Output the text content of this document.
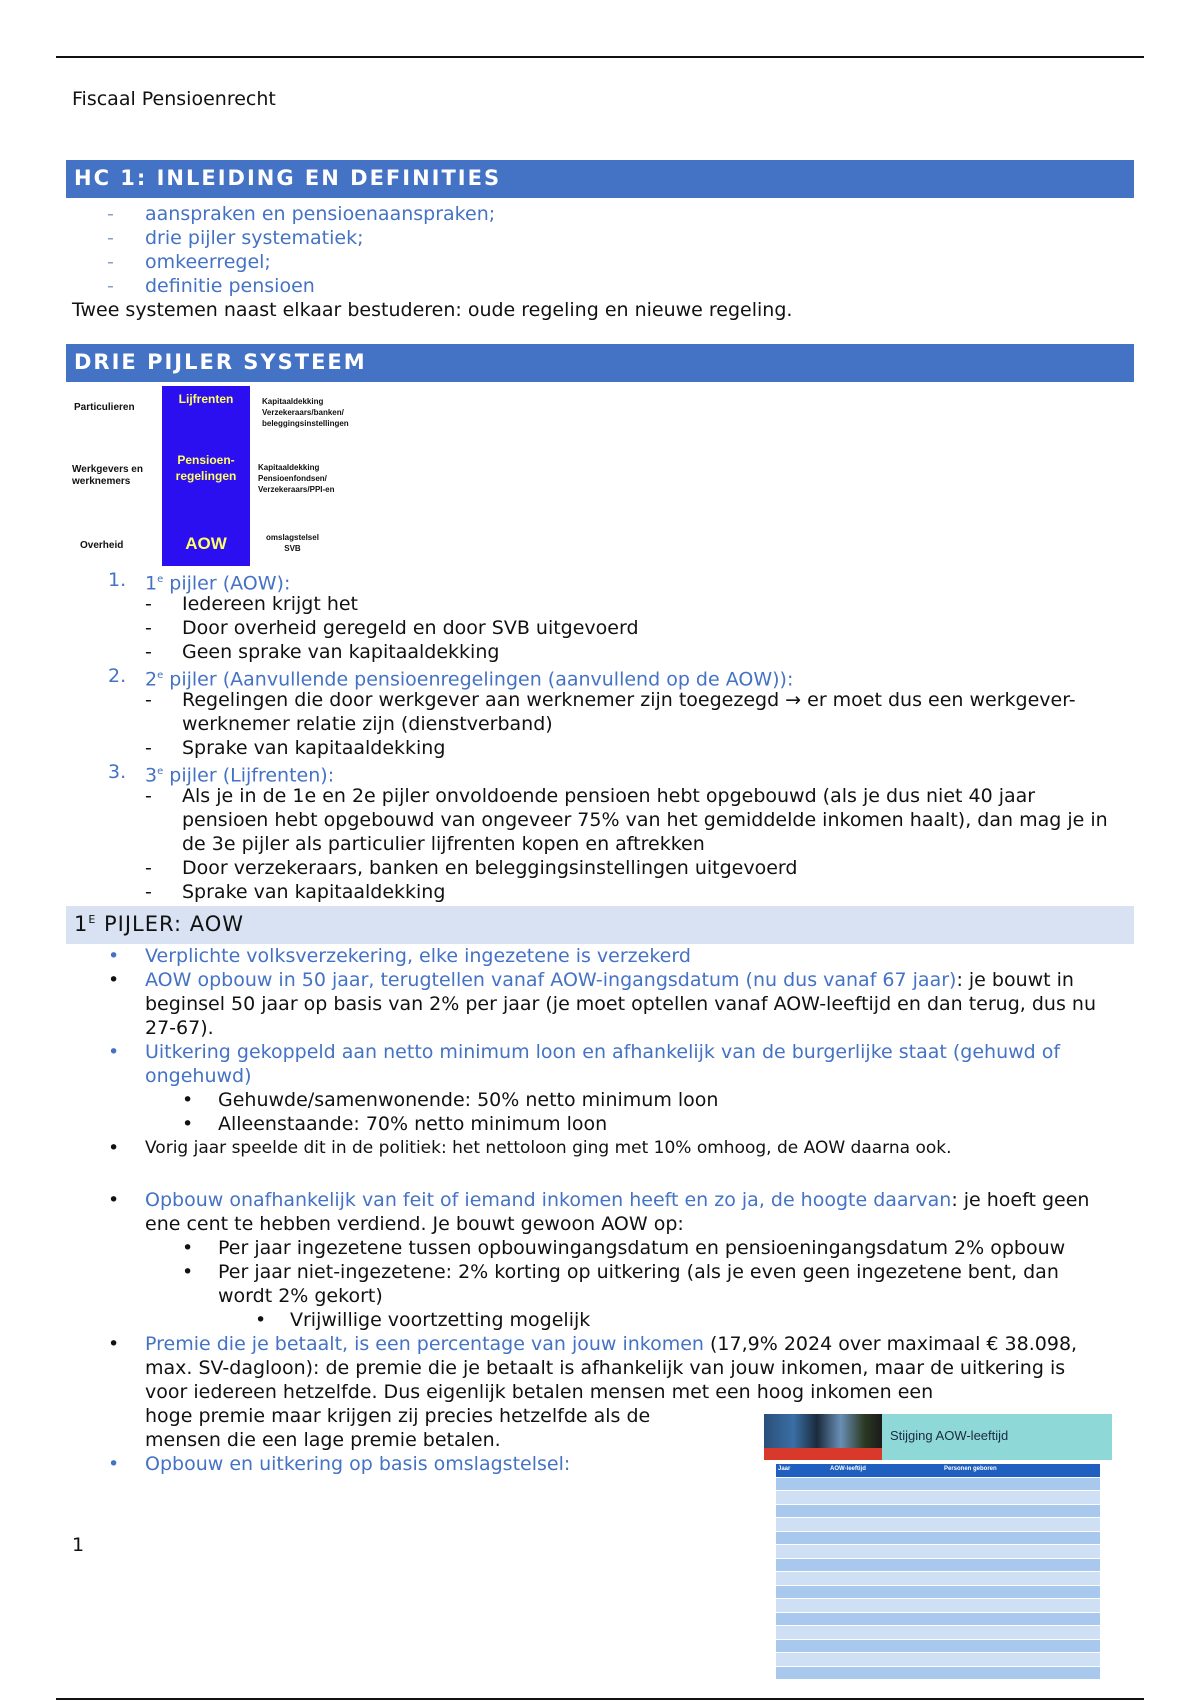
Fiscaal Pensioenrecht
HC 1: INLEIDING EN DEFINITIES
- aanspraken en pensioenaanspraken;
- drie pijler systematiek;
- omkeerregel;
- definitie pensioen
Twee systemen naast elkaar bestuderen: oude regeling en nieuwe regeling.
DRIE PIJLER SYSTEEM
Particulieren
Werkgevers en
werknemers
Overheid
Lijfrenten
Pensioen-
regelingen
AOW
Kapitaaldekking
Verzekeraars/banken/
beleggingsinstellingen
Kapitaaldekking
Pensioenfondsen/
Verzekeraars/PPI-en
omslagstelsel
SVB
1. 1e pijler (AOW):
- Iedereen krijgt het
- Door overheid geregeld en door SVB uitgevoerd
- Geen sprake van kapitaaldekking
2. 2e pijler (Aanvullende pensioenregelingen (aanvullend op de AOW)):
- Regelingen die door werkgever aan werknemer zijn toegezegd → er moet dus een werkgever-werknemer relatie zijn (dienstverband)
- Sprake van kapitaaldekking
3. 3e pijler (Lijfrenten):
- Als je in de 1e en 2e pijler onvoldoende pensioen hebt opgebouwd (als je dus niet 40 jaar pensioen hebt opgebouwd van ongeveer 75% van het gemiddelde inkomen haalt), dan mag je in de 3e pijler als particulier lijfrenten kopen en aftrekken
- Door verzekeraars, banken en beleggingsinstellingen uitgevoerd
- Sprake van kapitaaldekking
$1^E$ PIJLER: AOW
• Verplichte volksverzekering, elke ingezetene is verzekerd
• AOW opbouw in 50 jaar, terugtellen vanaf AOW-ingangsdatum (nu dus vanaf 67 jaar): je bouwt in beginsel 50 jaar op basis van 2% per jaar (je moet optellen vanaf AOW-leeftijd en dan terug, dus nu 27-67).
• Uitkering gekoppeld aan netto minimum loon en afhankelijk van de burgerlijke staat (gehuwd of ongehuwd)
• Gehuwde/samenwonende: 50% netto minimum loon
• Alleenstaande: 70% netto minimum loon
• Vorig jaar speelde dit in de politiek: het nettoloon ging met 10% omhoog, de AOW daarna ook.
• Opbouw onafhankelijk van feit of iemand inkomen heeft en zo ja, de hoogte daarvan: je hoeft geen ene cent te hebben verdiend. Je bouwt gewoon AOW op:
• Per jaar ingezetene tussen opbouwingangsdatum en pensioeningangsdatum 2% opbouw
• Per jaar niet-ingezetene: 2% korting op uitkering (als je even geen ingezetene bent, dan wordt 2% gekort)
• Vrijwillige voortzetting mogelijk
• Premie die je betaalt, is een percentage van jouw inkomen (17,9% 2024 over maximaal € 38.098, max. SV-dagloon): de premie die je betaalt is afhankelijk van jouw inkomen, maar de uitkering is voor iedereen hetzelfde. Dus eigenlijk betalen mensen met een hoog inkomen een
hoge premie maar krijgen zij precies hetzelfde als de
mensen die een lage premie betalen.
• Opbouw en uitkering op basis omslagstelsel:
1
Stijging AOW-leeftijd
Jaar	AOW-leeftijd	Personen geboren
